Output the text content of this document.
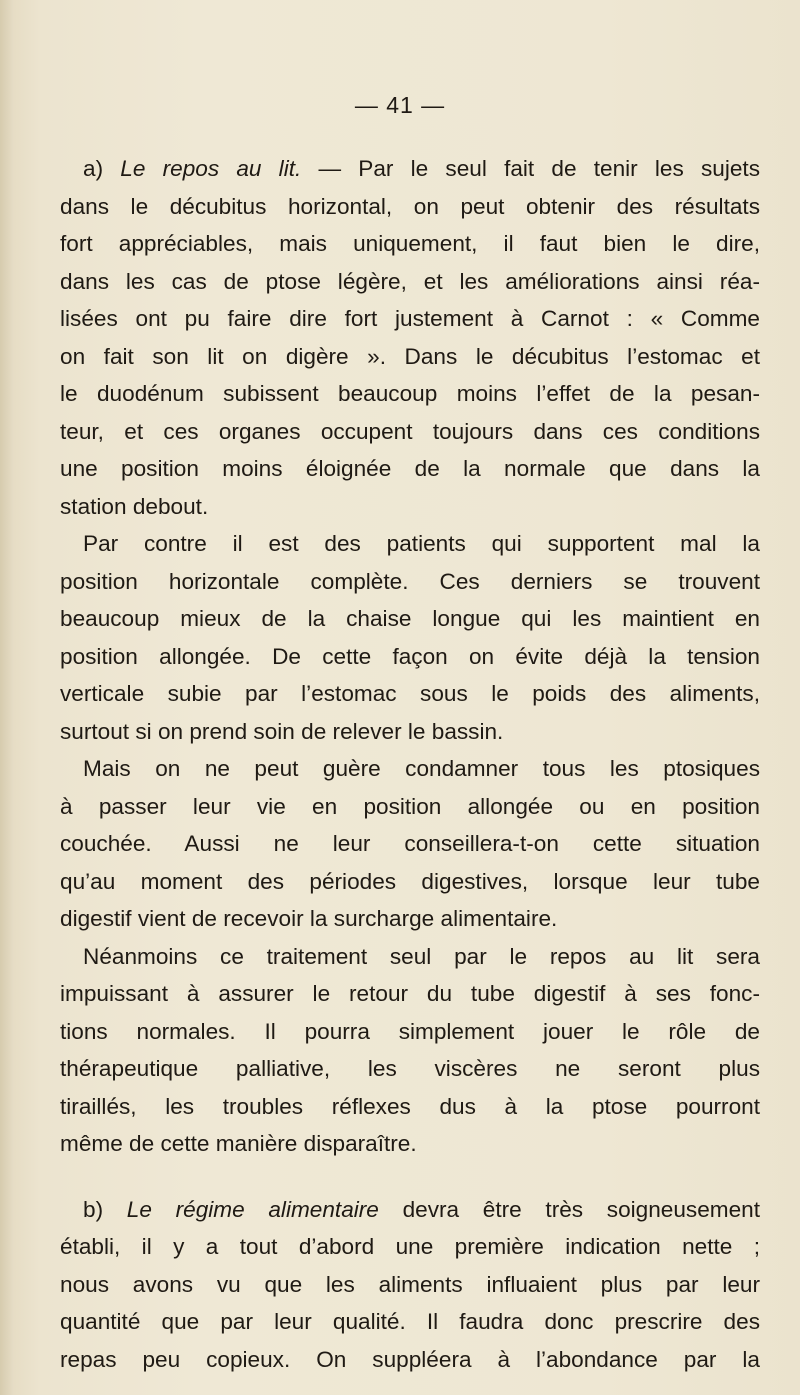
— 41 —

a) Le repos au lit. — Par le seul fait de tenir les sujets

dans le décubitus horizontal, on peut obtenir des résultats

fort appréciables, mais uniquement, il faut bien le dire,

dans les cas de ptose légère, et les améliorations ainsi réa-

lisées ont pu faire dire fort justement à Carnot : « Comme

on fait son lit on digère ». Dans le décubitus l’estomac et

le duodénum subissent beaucoup moins l’effet de la pesan-

teur, et ces organes occupent toujours dans ces conditions

une position moins éloignée de la normale que dans la

station debout.

Par contre il est des patients qui supportent mal la

position horizontale complète. Ces derniers se trouvent

beaucoup mieux de la chaise longue qui les maintient en

position allongée. De cette façon on évite déjà la tension

verticale subie par l’estomac sous le poids des aliments,

surtout si on prend soin de relever le bassin.

Mais on ne peut guère condamner tous les ptosiques

à passer leur vie en position allongée ou en position

couchée. Aussi ne leur conseillera-t-on cette situation

qu’au moment des périodes digestives, lorsque leur tube

digestif vient de recevoir la surcharge alimentaire.

Néanmoins ce traitement seul par le repos au lit sera

impuissant à assurer le retour du tube digestif à ses fonc-

tions normales. Il pourra simplement jouer le rôle de

thérapeutique palliative, les viscères ne seront plus

tiraillés, les troubles réflexes dus à la ptose pourront

même de cette manière disparaître.

b) Le régime alimentaire devra être très soigneusement

établi, il y a tout d’abord une première indication nette ;

nous avons vu que les aliments influaient plus par leur

quantité que par leur qualité. Il faudra donc prescrire des

repas peu copieux. On suppléera à l’abondance par la
